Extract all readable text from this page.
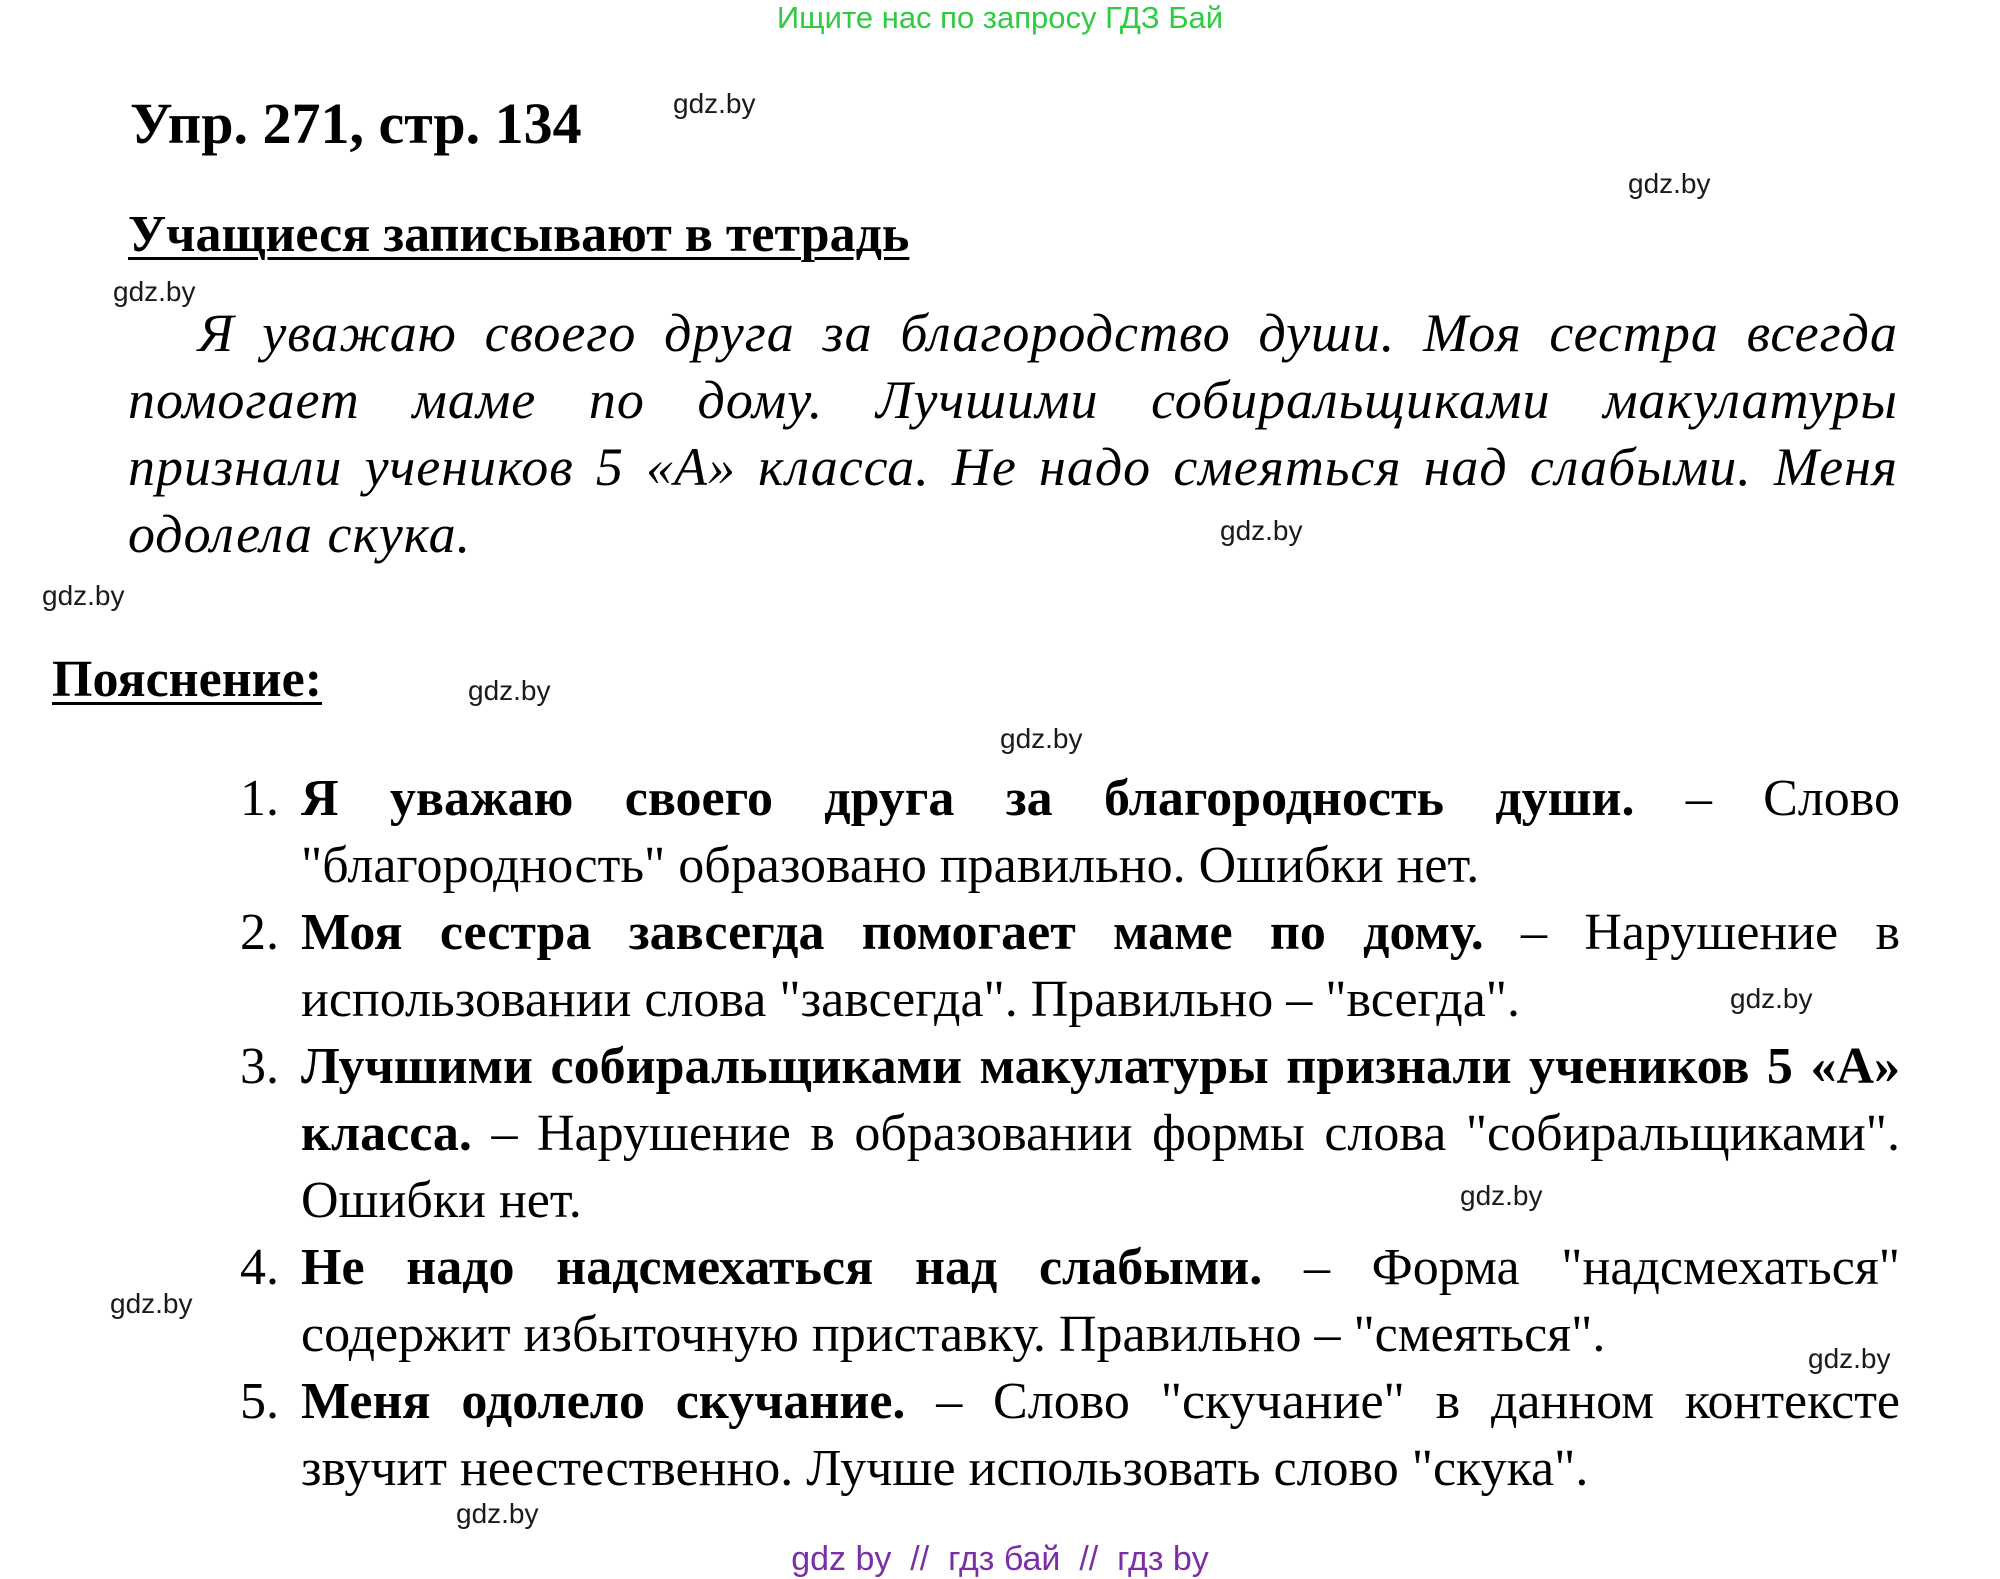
Ищите нас по запросу ГДЗ Бай
Упр. 271, стр. 134
Учащиеся записывают в тетрадь
Я уважаю своего друга за благородство души. Моя сестра всегда помогает маме по дому. Лучшими собиральщиками макулатуры признали учеников 5 «А» класса. Не надо смеяться над слабыми. Меня одолела скука.
Пояснение:
1. Я уважаю своего друга за благородность души. – Слово "благородность" образовано правильно. Ошибки нет.
2. Моя сестра завсегда помогает маме по дому. – Нарушение в использовании слова "завсегда". Правильно – "всегда".
3. Лучшими собиральщиками макулатуры признали учеников 5 «А» класса. – Нарушение в образовании формы слова "собиральщиками". Ошибки нет.
4. Не надо надсмехаться над слабыми. – Форма "надсмехаться" содержит избыточную приставку. Правильно – "смеяться".
5. Меня одолело скучание. – Слово "скучание" в данном контексте звучит неестественно. Лучше использовать слово "скука".
gdz.by
gdz.by
gdz.by
gdz.by
gdz.by
gdz.by
gdz.by
gdz.by
gdz.by
gdz.by
gdz.by
gdz.by
gdz by  //  гдз бай  //  гдз by
